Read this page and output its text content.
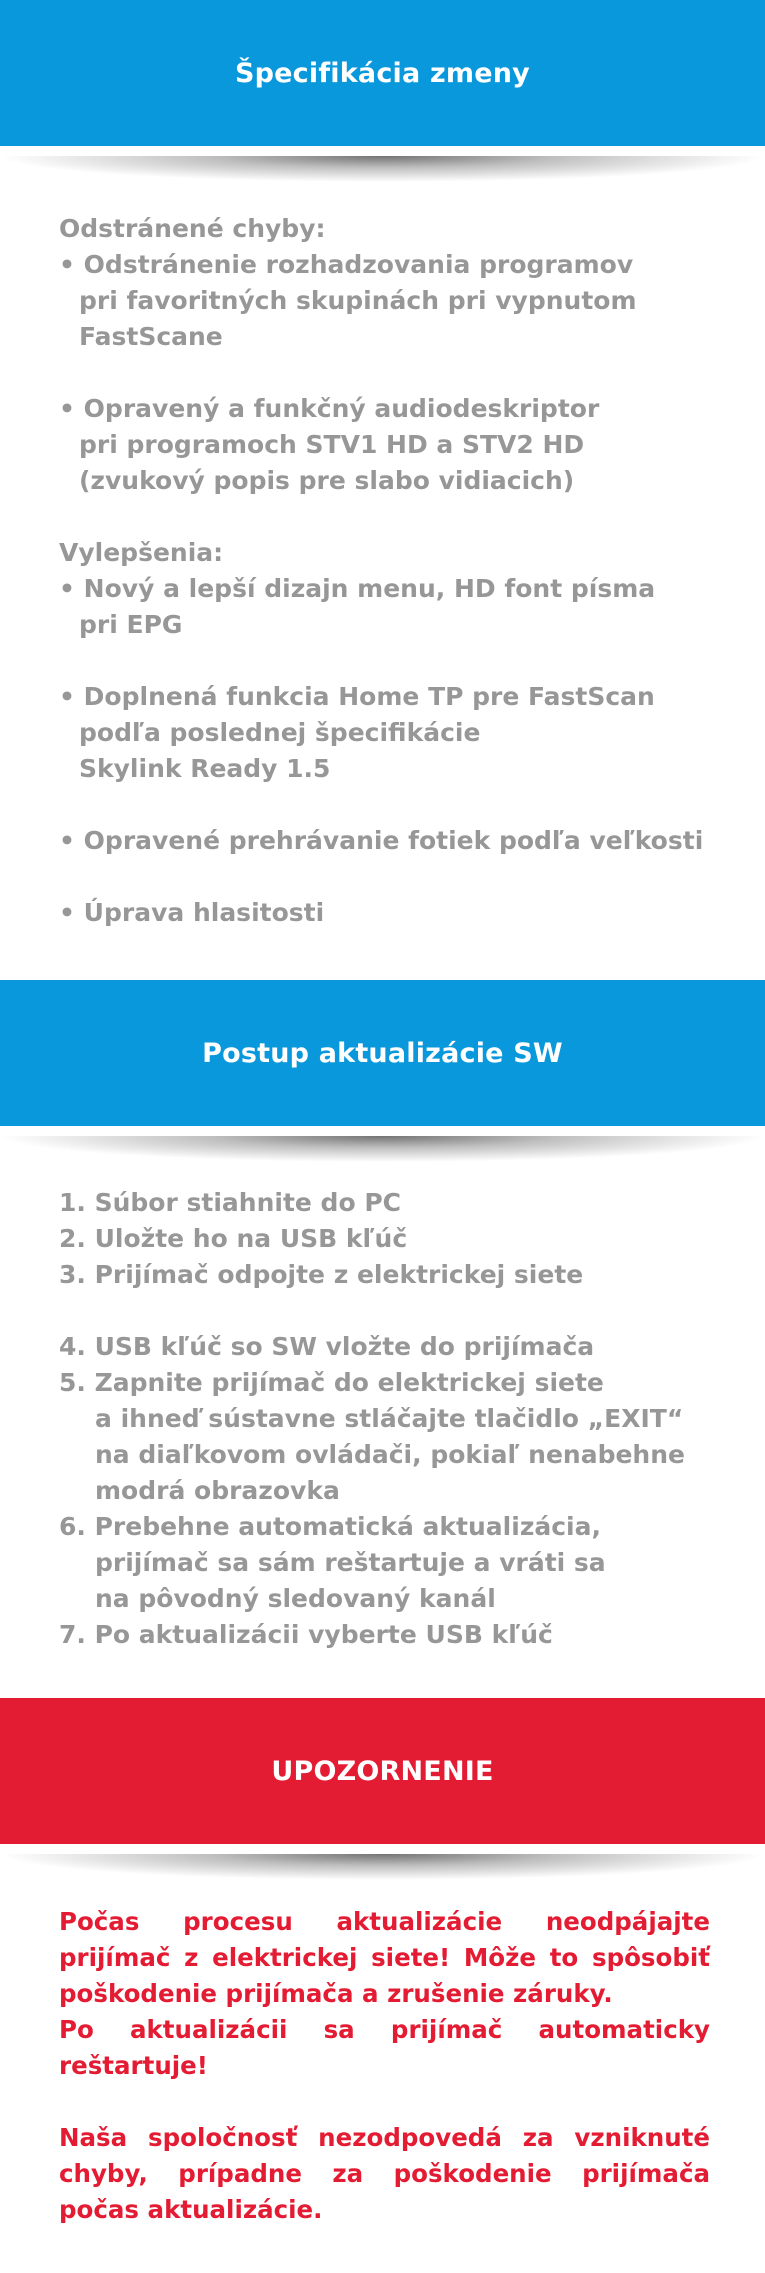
Špecifikácia zmeny
Odstránené chyby:
• Odstránenie rozhadzovania programov
pri favoritných skupinách pri vypnutom
FastScane
• Opravený a funkčný audiodeskriptor
pri programoch STV1 HD a STV2 HD
(zvukový popis pre slabo vidiacich)
Vylepšenia:
• Nový a lepší dizajn menu, HD font písma
pri EPG
• Doplnená funkcia Home TP pre FastScan
podľa poslednej špecifikácie
Skylink Ready 1.5
• Opravené prehrávanie fotiek podľa veľkosti
• Úprava hlasitosti
Postup aktualizácie SW
1. Súbor stiahnite do PC
2. Uložte ho na USB kľúč
3. Prijímač odpojte z elektrickej siete
4. USB kľúč so SW vložte do prijímača
5. Zapnite prijímač do elektrickej siete
a ihneď sústavne stláčajte tlačidlo „EXIT“
na diaľkovom ovládači, pokiaľ nenabehne
modrá obrazovka
6. Prebehne automatická aktualizácia,
prijímač sa sám reštartuje a vráti sa
na pôvodný sledovaný kanál
7. Po aktualizácii vyberte USB kľúč
UPOZORNENIE
Počas procesu aktualizácie neodpájajte
prijímač z elektrickej siete! Môže to spôsobiť
poškodenie prijímača a zrušenie záruky.
Po aktualizácii sa prijímač automaticky
reštartuje!
Naša spoločnosť nezodpovedá za vzniknuté
chyby, prípadne za poškodenie prijímača
počas aktualizácie.
